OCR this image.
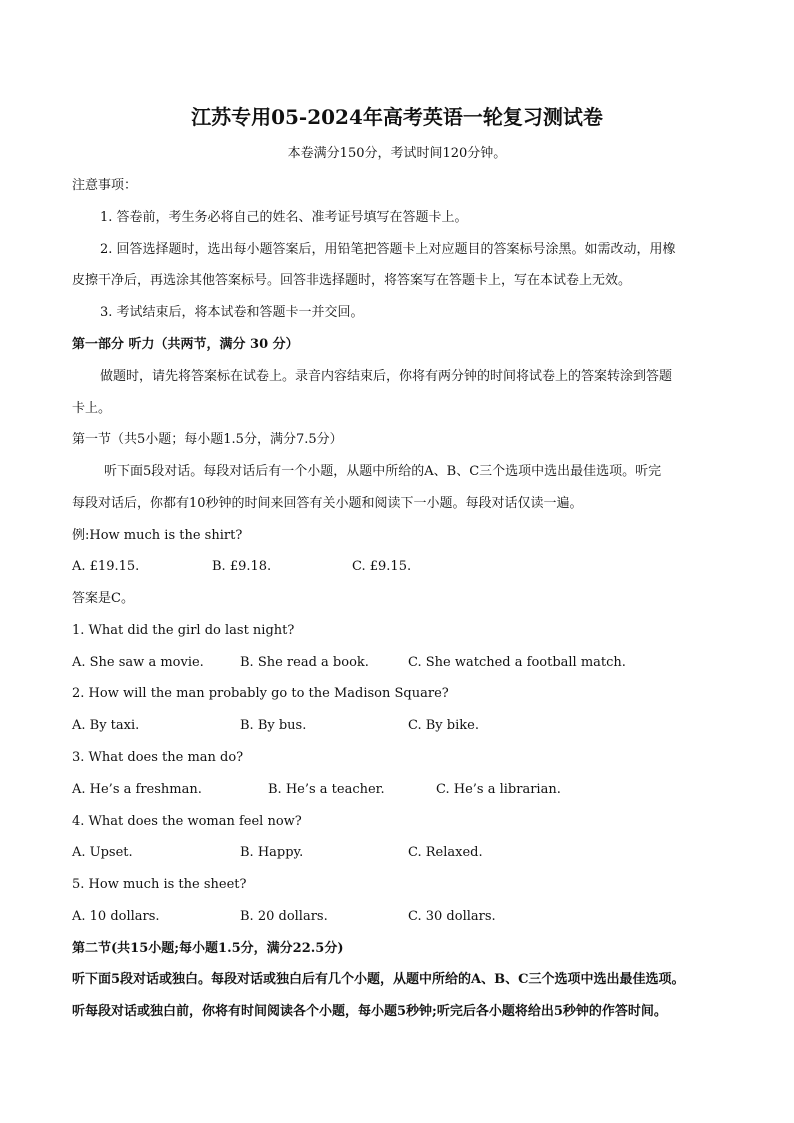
江苏专用05-2024年高考英语一轮复习测试卷
本卷满分150分，考试时间120分钟。
注意事项：
1. 答卷前，考生务必将自己的姓名、准考证号填写在答题卡上。
2. 回答选择题时，选出每小题答案后，用铅笔把答题卡上对应题目的答案标号涂黑。如需改动，用橡
皮擦干净后，再选涂其他答案标号。回答非选择题时，将答案写在答题卡上，写在本试卷上无效。
3. 考试结束后，将本试卷和答题卡一并交回。
第一部分 听力（共两节，满分 30 分）
做题时，请先将答案标在试卷上。录音内容结束后，你将有两分钟的时间将试卷上的答案转涂到答题
卡上。
第一节（共5小题；每小题1.5分，满分7.5分）
听下面5段对话。每段对话后有一个小题，从题中所给的A、B、C三个选项中选出最佳选项。听完
每段对话后，你都有10秒钟的时间来回答有关小题和阅读下一小题。每段对话仅读一遍。
例:How much is the shirt?
A. £19.15.	B. £9.18.	C. £9.15.
答案是C。
1. What did the girl do last night?
A. She saw a movie.	B. She read a book.	C. She watched a football match.
2. How will the man probably go to the Madison Square?
A. By taxi.	B. By bus.	C. By bike.
3. What does the man do?
A. He’s a freshman.	B. He’s a teacher.	C. He’s a librarian.
4. What does the woman feel now?
A. Upset.	B. Happy.	C. Relaxed.
5. How much is the sheet?
A. 10 dollars.	B. 20 dollars.	C. 30 dollars.
第二节(共15小题;每小题1.5分，满分22.5分)
听下面5段对话或独白。每段对话或独白后有几个小题，从题中所给的A、B、C三个选项中选出最佳选项。
听每段对话或独白前，你将有时间阅读各个小题，每小题5秒钟;听完后各小题将给出5秒钟的作答时间。
